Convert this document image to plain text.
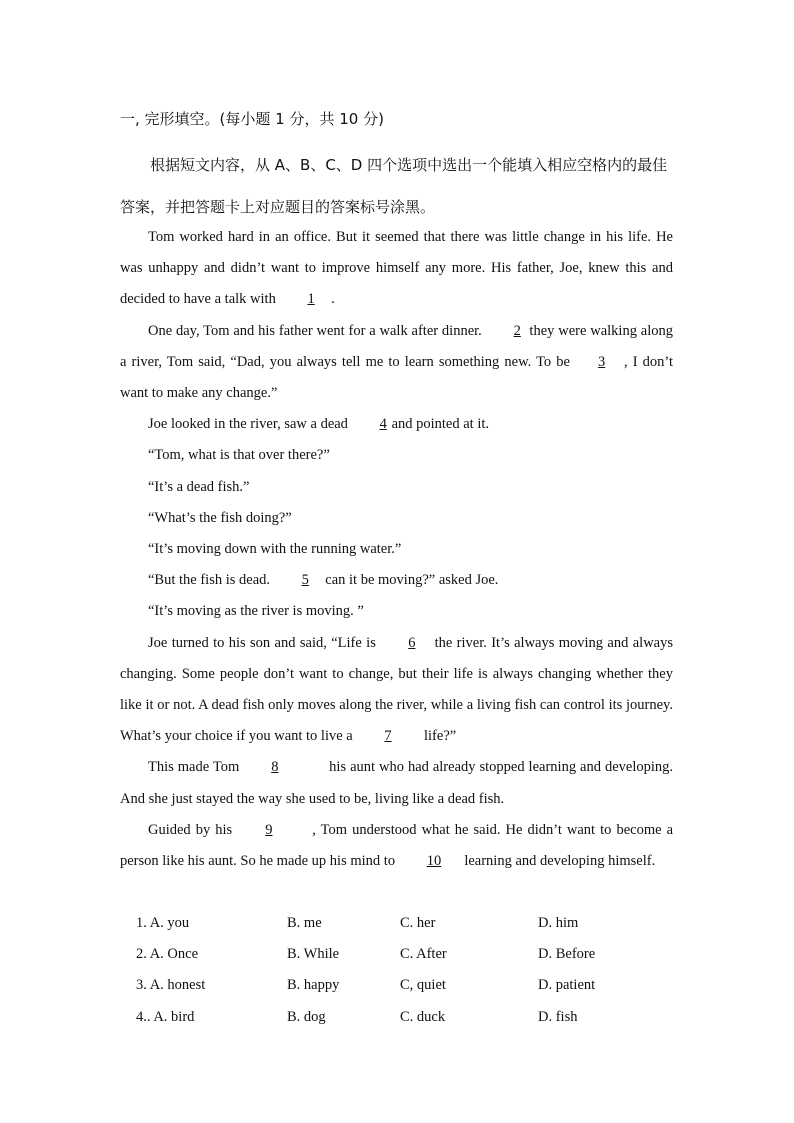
一, 完形填空。(每小题 1 分，共 10 分)
根据短文内容，从 A、B、C、D 四个选项中选出一个能填入相应空格内的最佳答案，并把答题卡上对应题目的答案标号涂黑。

Tom worked hard in an office. But it seemed that there was little change in his life. He was unhappy and didn’t want to improve himself any more. His father, Joe, knew this and decided to have a talk with 1 .

One day, Tom and his father went for a walk after dinner. 2 they were walking along a river, Tom said, “Dad, you always tell me to learn something new. To be 3 , I don’t want to make any change.”

Joe looked in the river, saw a dead 4 and pointed at it.

“Tom, what is that over there?”

“It’s a dead fish.”

“What’s the fish doing?”

“It’s moving down with the running water.”

“But the fish is dead. 5 can it be moving?” asked Joe.

“It’s moving as the river is moving. ”

Joe turned to his son and said, “Life is 6 the river. It’s always moving and always changing. Some people don’t want to change, but their life is always changing whether they like it or not. A dead fish only moves along the river, while a living fish can control its journey. What’s your choice if you want to live a 7 life?”

This made Tom 8	his aunt who had already stopped learning and developing. And she just stayed the way she used to be, living like a dead fish.

Guided by his 9 , Tom understood what he said. He didn’t want to become a person like his aunt. So he made up his mind to 10 learning and developing himself.

1. A. you	B. me	C. her	D. him
2. A. Once	B. While	C. After	D. Before
3. A. honest	B. happy	C, quiet	D. patient
4.. A. bird	B. dog	C. duck	D. fish
